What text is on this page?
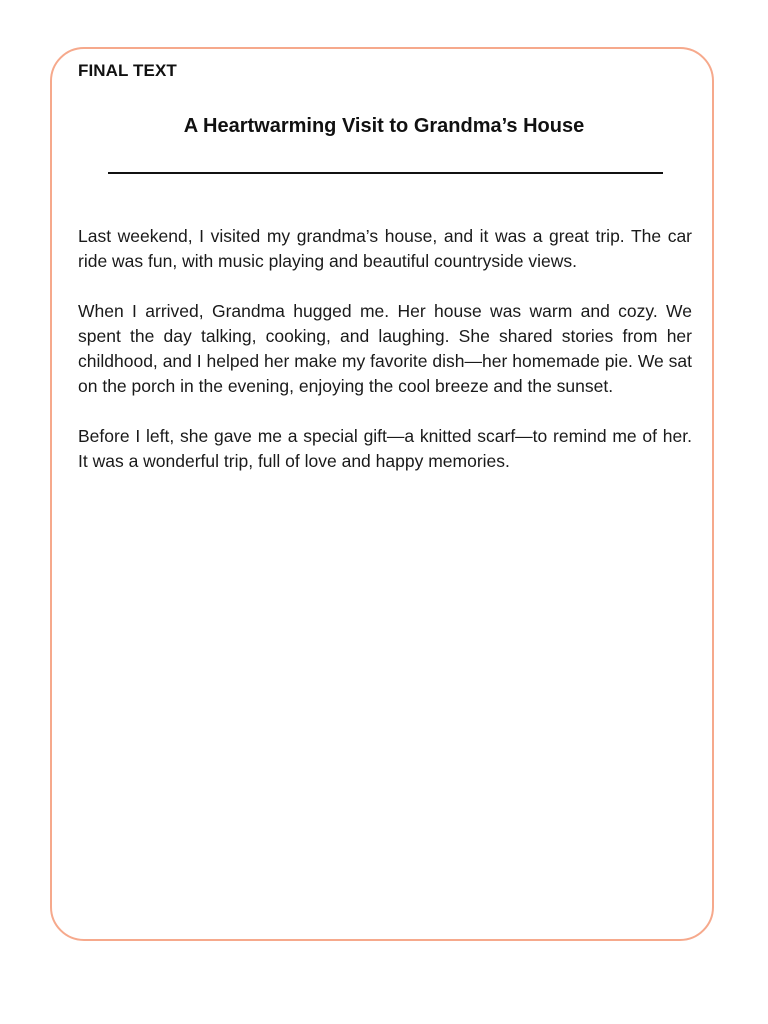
FINAL TEXT
A Heartwarming Visit to Grandma’s House

Last weekend, I visited my grandma’s house, and it was a great trip. The car ride was fun, with music playing and beautiful countryside views.

When I arrived, Grandma hugged me. Her house was warm and cozy. We spent the day talking, cooking, and laughing. She shared stories from her childhood, and I helped her make my favorite dish—her homemade pie. We sat on the porch in the evening, enjoying the cool breeze and the sunset.

Before I left, she gave me a special gift—a knitted scarf—to remind me of her. It was a wonderful trip, full of love and happy memories.
